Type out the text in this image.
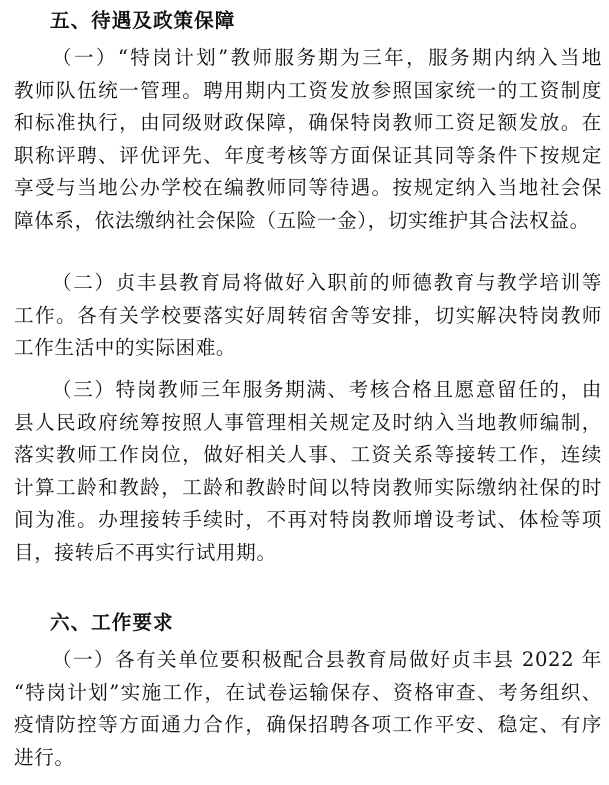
五、待遇及政策保障
（一）“特岗计划”教师服务期为三年，服务期内纳入当地
教师队伍统一管理。聘用期内工资发放参照国家统一的工资制度
和标准执行，由同级财政保障，确保特岗教师工资足额发放。在
职称评聘、评优评先、年度考核等方面保证其同等条件下按规定
享受与当地公办学校在编教师同等待遇。按规定纳入当地社会保
障体系，依法缴纳社会保险（五险一金），切实维护其合法权益。
（二）贞丰县教育局将做好入职前的师德教育与教学培训等
工作。各有关学校要落实好周转宿舍等安排，切实解决特岗教师
工作生活中的实际困难。
（三）特岗教师三年服务期满、考核合格且愿意留任的，由
县人民政府统筹按照人事管理相关规定及时纳入当地教师编制，
落实教师工作岗位，做好相关人事、工资关系等接转工作，连续
计算工龄和教龄，工龄和教龄时间以特岗教师实际缴纳社保的时
间为准。办理接转手续时，不再对特岗教师增设考试、体检等项
目，接转后不再实行试用期。
六、工作要求
（一）各有关单位要积极配合县教育局做好贞丰县 2022 年
“特岗计划”实施工作，在试卷运输保存、资格审查、考务组织、
疫情防控等方面通力合作，确保招聘各项工作平安、稳定、有序
进行。
